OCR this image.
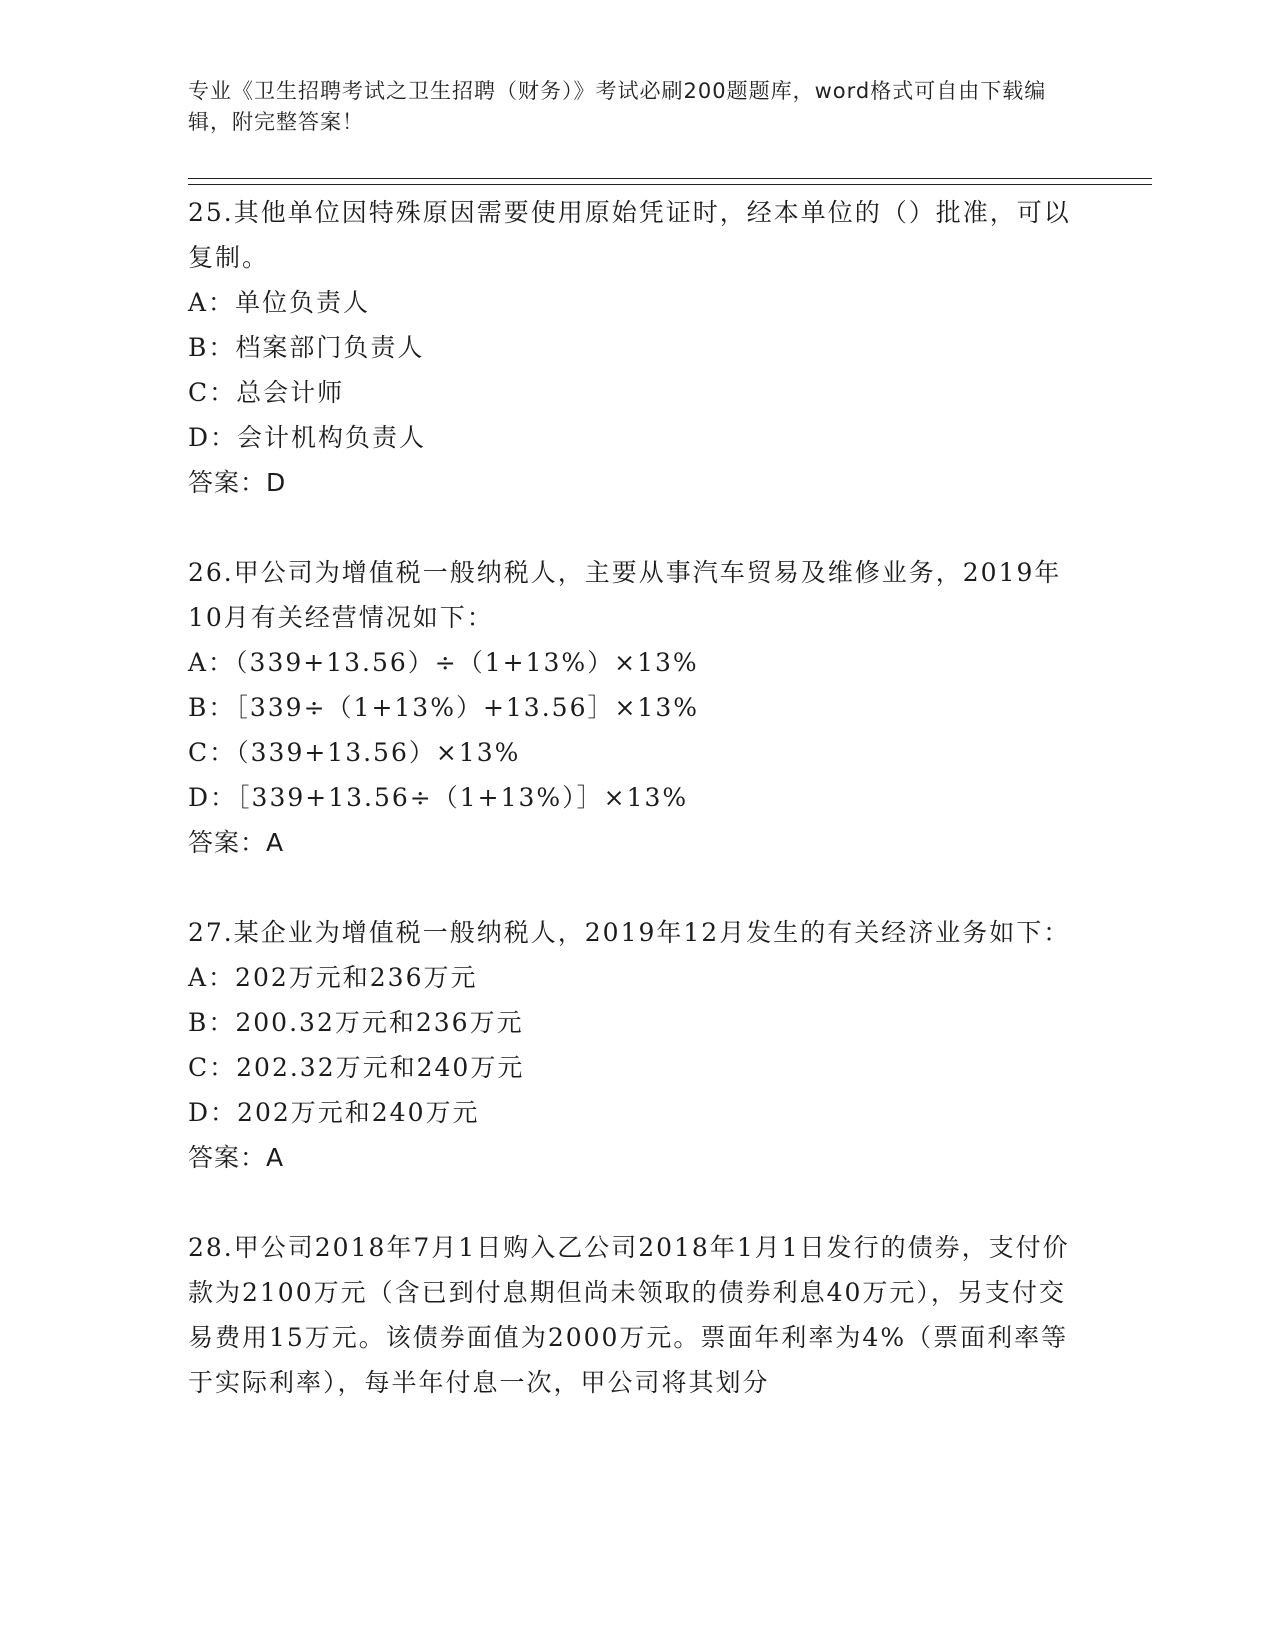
专业《卫生招聘考试之卫生招聘（财务）》考试必刷200题题库，word格式可自由下载编辑，附完整答案！

25.其他单位因特殊原因需要使用原始凭证时，经本单位的（）批准，可以复制。

A：单位负责人

B：档案部门负责人

C：总会计师

D：会计机构负责人

答案：D

26.甲公司为增值税一般纳税人，主要从事汽车贸易及维修业务，2019年10月有关经营情况如下：

A：（339+13.56）÷（1+13%）×13%

B：［339÷（1+13%）+13.56］×13%

C：（339+13.56）×13%

D：［339+13.56÷（1+13%）］×13%

答案：A

27.某企业为增值税一般纳税人，2019年12月发生的有关经济业务如下：

A：202万元和236万元

B：200.32万元和236万元

C：202.32万元和240万元

D：202万元和240万元

答案：A

28.甲公司2018年7月1日购入乙公司2018年1月1日发行的债券，支付价款为2100万元（含已到付息期但尚未领取的债券利息40万元），另支付交易费用15万元。该债券面值为2000万元。票面年利率为4%（票面利率等于实际利率），每半年付息一次，甲公司将其划分
